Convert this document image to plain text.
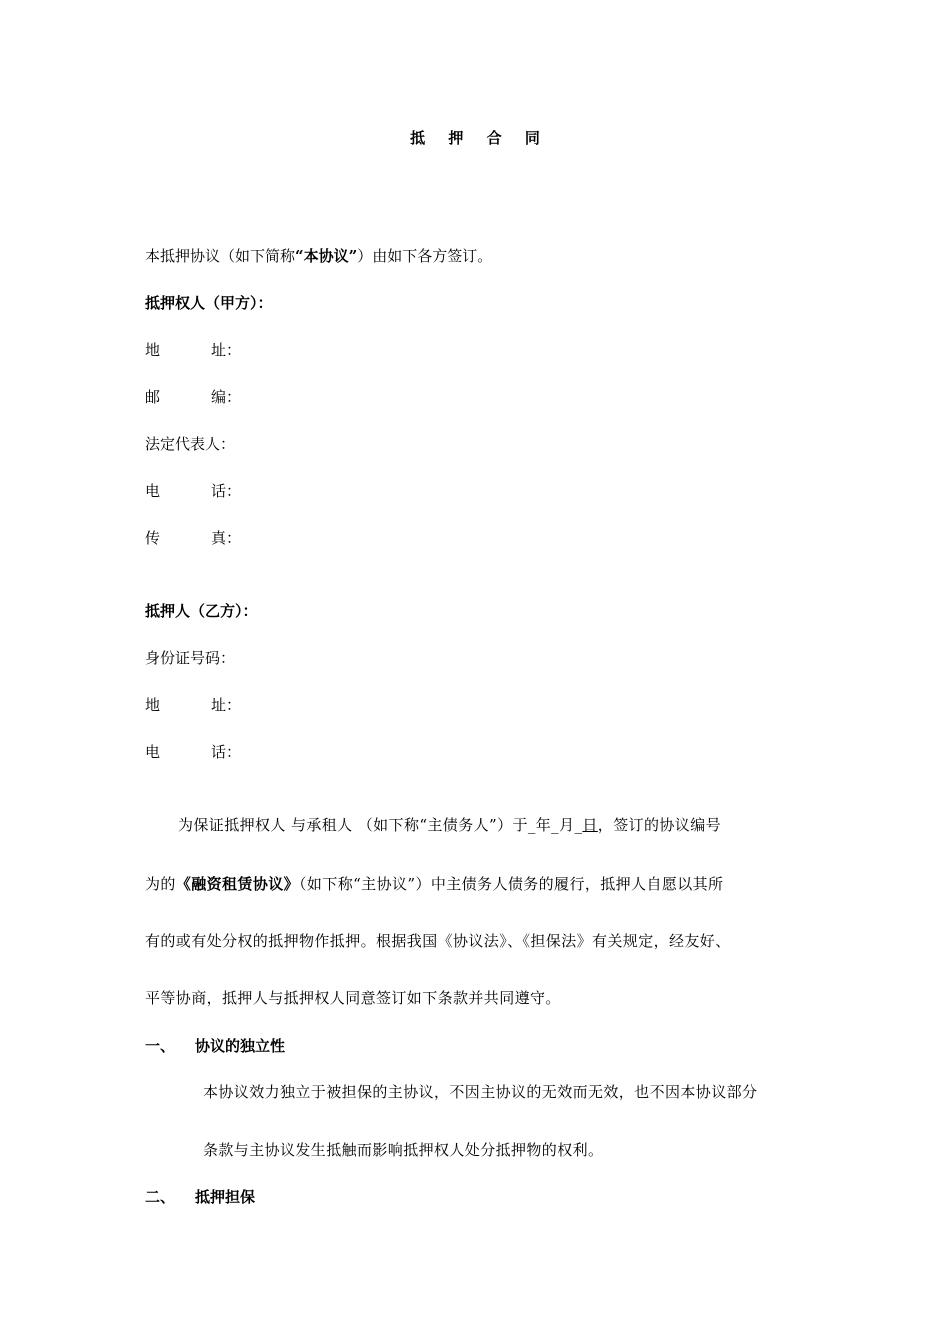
抵 押 合 同
本抵押协议（如下简称“本协议”）由如下各方签订。
抵押权人（甲方）：
地	址：
邮	编：
法定代表人：
电	话：
传	真：
抵押人（乙方）：
身份证号码：
地	址：
电	话：
为保证抵押权人 与承租人 （如下称“主债务人”）于_年_月_日，签订的协议编号
为的《融资租赁协议》（如下称“主协议”）中主债务人债务的履行，抵押人自愿以其所
有的或有处分权的抵押物作抵押。根据我国《协议法》、《担保法》有关规定，经友好、
平等协商，抵押人与抵押权人同意签订如下条款并共同遵守。
一、 协议的独立性
本协议效力独立于被担保的主协议，不因主协议的无效而无效，也不因本协议部分
条款与主协议发生抵触而影响抵押权人处分抵押物的权利。
二、 抵押担保
